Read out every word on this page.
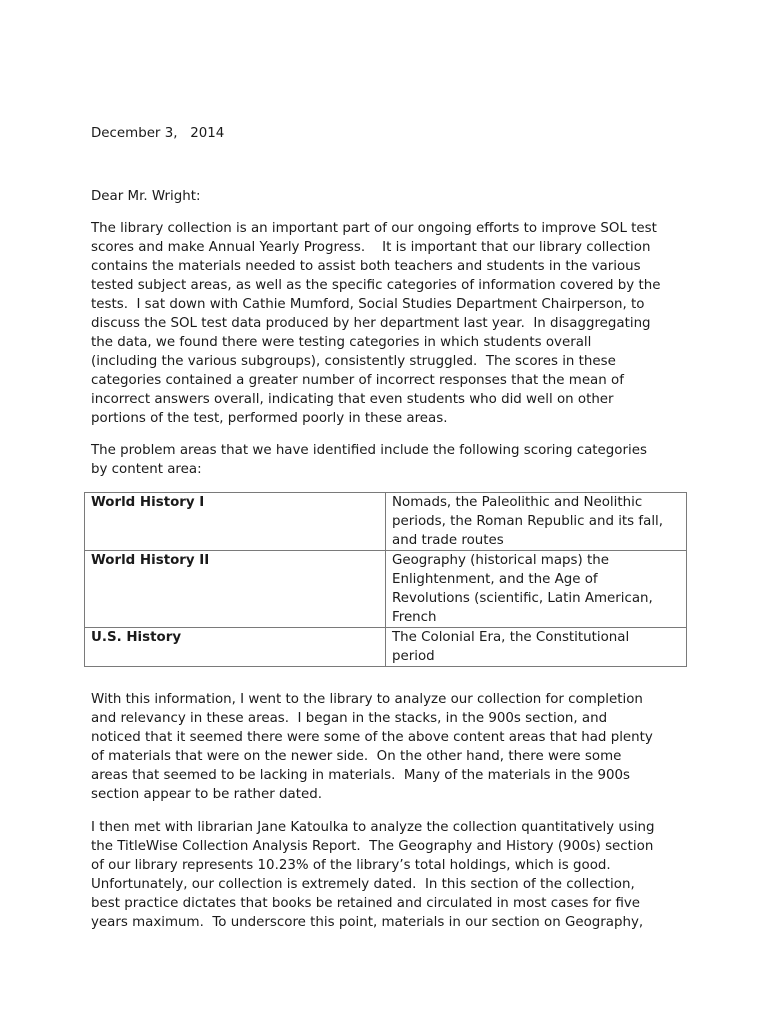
December 3,   2014
Dear Mr. Wright:
The library collection is an important part of our ongoing efforts to improve SOL test
scores and make Annual Yearly Progress.    It is important that our library collection
contains the materials needed to assist both teachers and students in the various
tested subject areas, as well as the specific categories of information covered by the
tests.  I sat down with Cathie Mumford, Social Studies Department Chairperson, to
discuss the SOL test data produced by her department last year.  In disaggregating
the data, we found there were testing categories in which students overall
(including the various subgroups), consistently struggled.  The scores in these
categories contained a greater number of incorrect responses that the mean of
incorrect answers overall, indicating that even students who did well on other
portions of the test, performed poorly in these areas.
The problem areas that we have identified include the following scoring categories
by content area:
With this information, I went to the library to analyze our collection for completion
and relevancy in these areas.  I began in the stacks, in the 900s section, and
noticed that it seemed there were some of the above content areas that had plenty
of materials that were on the newer side.  On the other hand, there were some
areas that seemed to be lacking in materials.  Many of the materials in the 900s
section appear to be rather dated.
I then met with librarian Jane Katoulka to analyze the collection quantitatively using
the TitleWise Collection Analysis Report.  The Geography and History (900s) section
of our library represents 10.23% of the library’s total holdings, which is good.
Unfortunately, our collection is extremely dated.  In this section of the collection,
best practice dictates that books be retained and circulated in most cases for five
years maximum.  To underscore this point, materials in our section on Geography,
World History I	Nomads, the Paleolithic and Neolithic
periods, the Roman Republic and its fall,
and trade routes

World History II	Geography (historical maps) the
Enlightenment, and the Age of
Revolutions (scientific, Latin American,
French

U.S. History	The Colonial Era, the Constitutional
period
